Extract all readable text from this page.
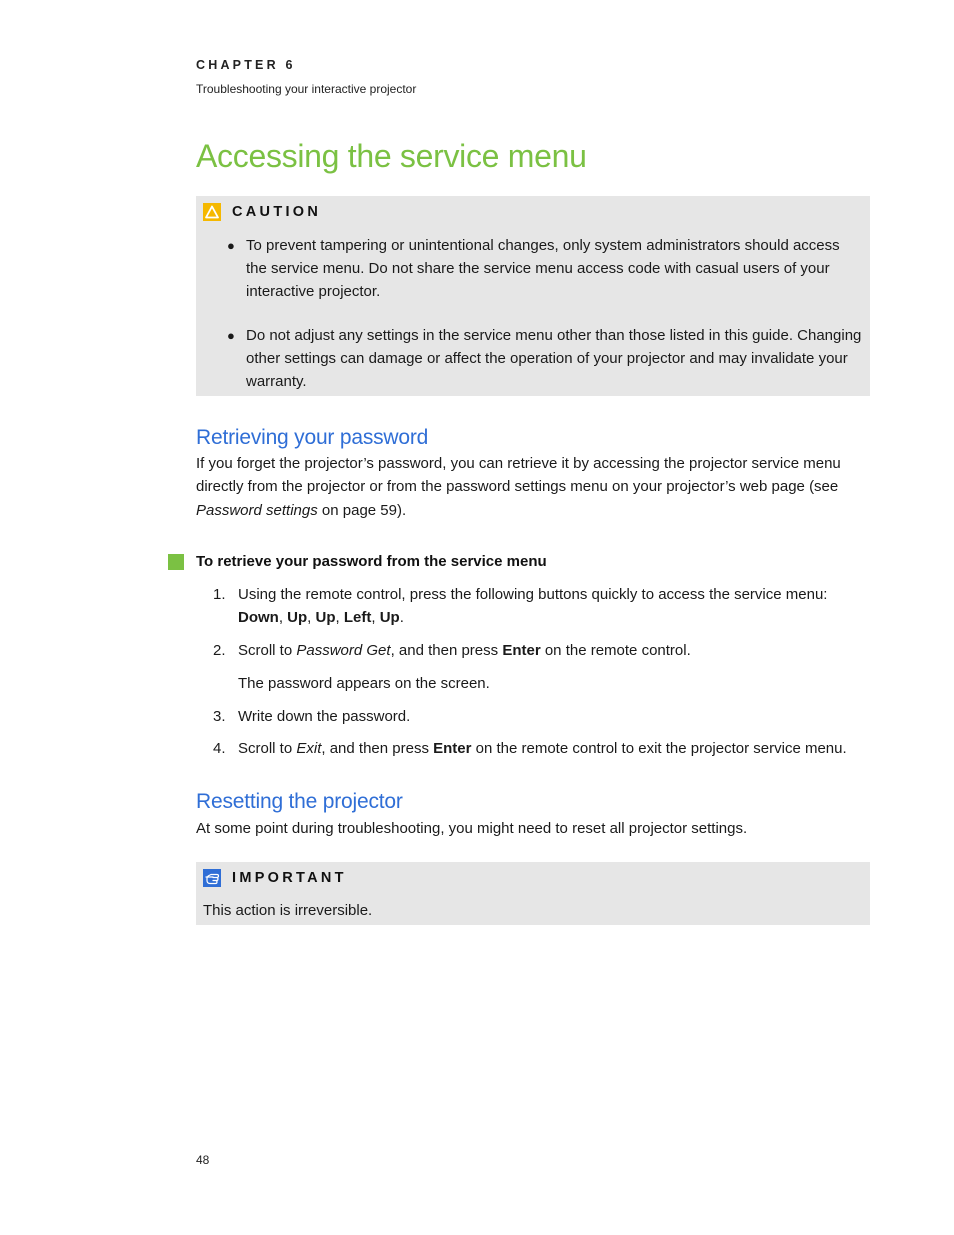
CHAPTER 6
Troubleshooting your interactive projector
Accessing the service menu
CAUTION
● To prevent tampering or unintentional changes, only system administrators should access the service menu. Do not share the service menu access code with casual users of your interactive projector.
● Do not adjust any settings in the service menu other than those listed in this guide. Changing other settings can damage or affect the operation of your projector and may invalidate your warranty.
Retrieving your password

If you forget the projector’s password, you can retrieve it by accessing the projector service menu directly from the projector or from the password settings menu on your projector’s web page (see Password settings on page 59).

To retrieve your password from the service menu
1. Using the remote control, press the following buttons quickly to access the service menu: Down, Up, Up, Left, Up.
2. Scroll to Password Get, and then press Enter on the remote control.
The password appears on the screen.
3. Write down the password.
4. Scroll to Exit, and then press Enter on the remote control to exit the projector service menu.
Resetting the projector

At some point during troubleshooting, you might need to reset all projector settings.

IMPORTANT
This action is irreversible.
48
